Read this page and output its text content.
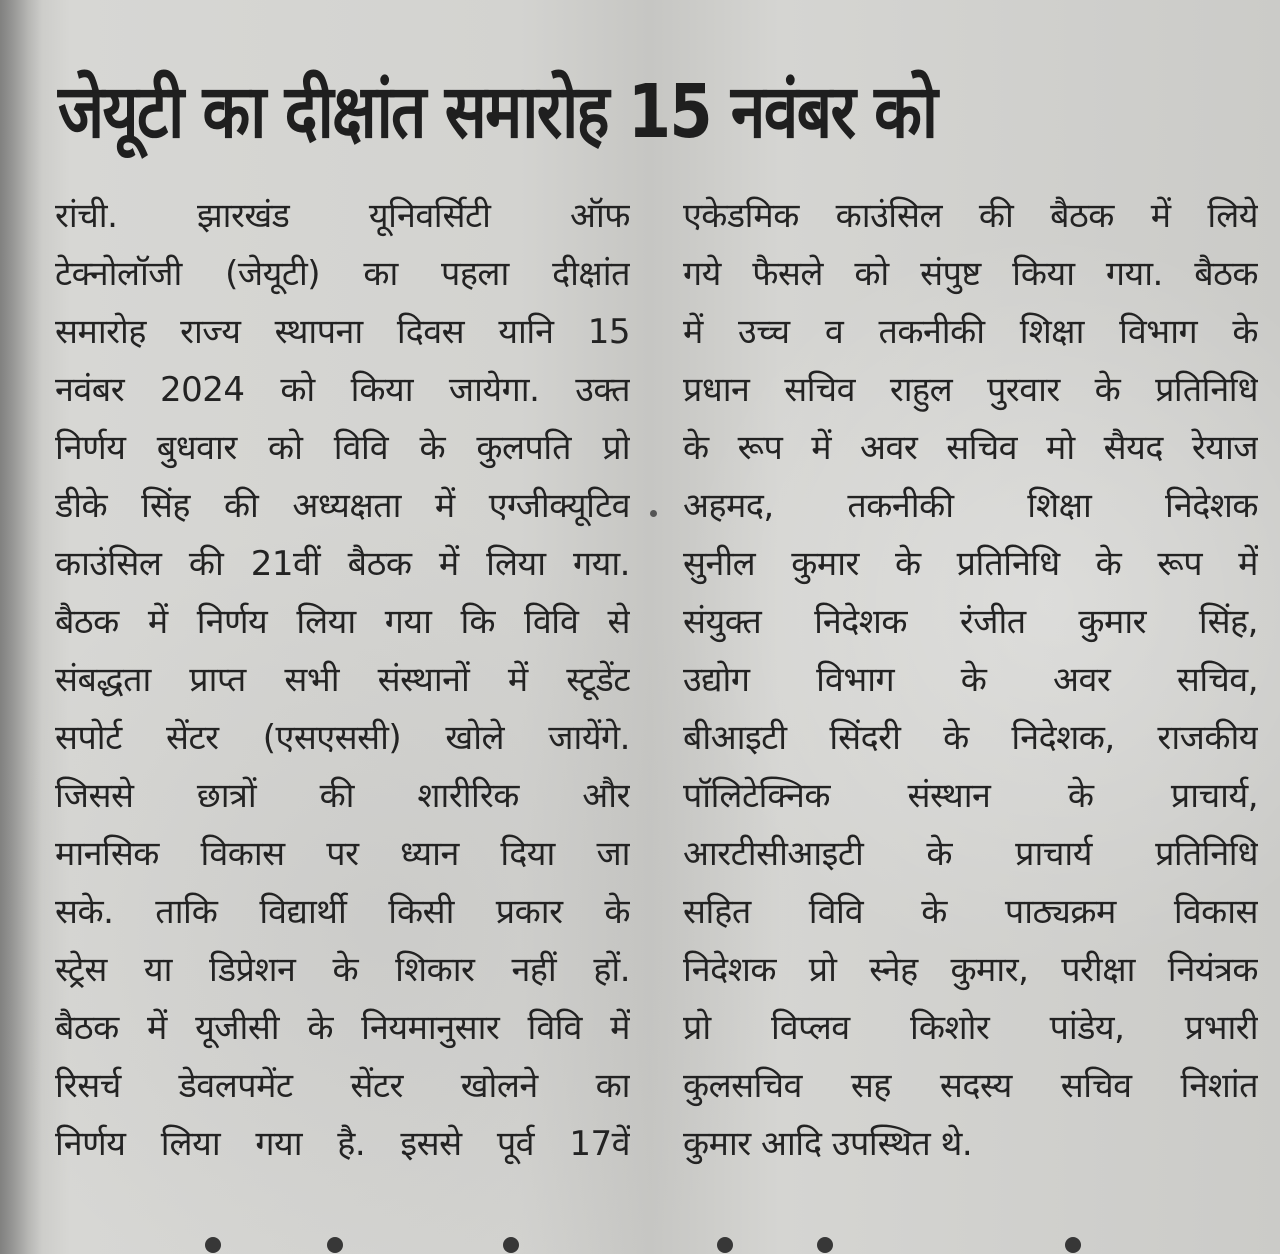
जेयूटी का दीक्षांत समारोह 15 नवंबर को
रांची. झारखंड यूनिवर्सिटी ऑफ
टेक्नोलॉजी (जेयूटी) का पहला दीक्षांत
समारोह राज्य स्थापना दिवस यानि 15
नवंबर 2024 को किया जायेगा. उक्त
निर्णय बुधवार को विवि के कुलपति प्रो
डीके सिंह की अध्यक्षता में एग्जीक्यूटिव
काउंसिल की 21वीं बैठक में लिया गया.
बैठक में निर्णय लिया गया कि विवि से
संबद्धता प्राप्त सभी संस्थानों में स्टूडेंट
सपोर्ट सेंटर (एसएससी) खोले जायेंगे.
जिससे छात्रों की शारीरिक और
मानसिक विकास पर ध्यान दिया जा
सके. ताकि विद्यार्थी किसी प्रकार के
स्ट्रेस या डिप्रेशन के शिकार नहीं हों.
बैठक में यूजीसी के नियमानुसार विवि में
रिसर्च डेवलपमेंट सेंटर खोलने का
निर्णय लिया गया है. इससे पूर्व 17वें
एकेडमिक काउंसिल की बैठक में लिये
गये फैसले को संपुष्ट किया गया. बैठक
में उच्च व तकनीकी शिक्षा विभाग के
प्रधान सचिव राहुल पुरवार के प्रतिनिधि
के रूप में अवर सचिव मो सैयद रेयाज
अहमद, तकनीकी शिक्षा निदेशक
सुनील कुमार के प्रतिनिधि के रूप में
संयुक्त निदेशक रंजीत कुमार सिंह,
उद्योग विभाग के अवर सचिव,
बीआइटी सिंदरी के निदेशक, राजकीय
पॉलिटेक्निक संस्थान के प्राचार्य,
आरटीसीआइटी के प्राचार्य प्रतिनिधि
सहित विवि के पाठ्यक्रम विकास
निदेशक प्रो स्नेह कुमार, परीक्षा नियंत्रक
प्रो विप्लव किशोर पांडेय, प्रभारी
कुलसचिव सह सदस्य सचिव निशांत
कुमार आदि उपस्थित थे.
